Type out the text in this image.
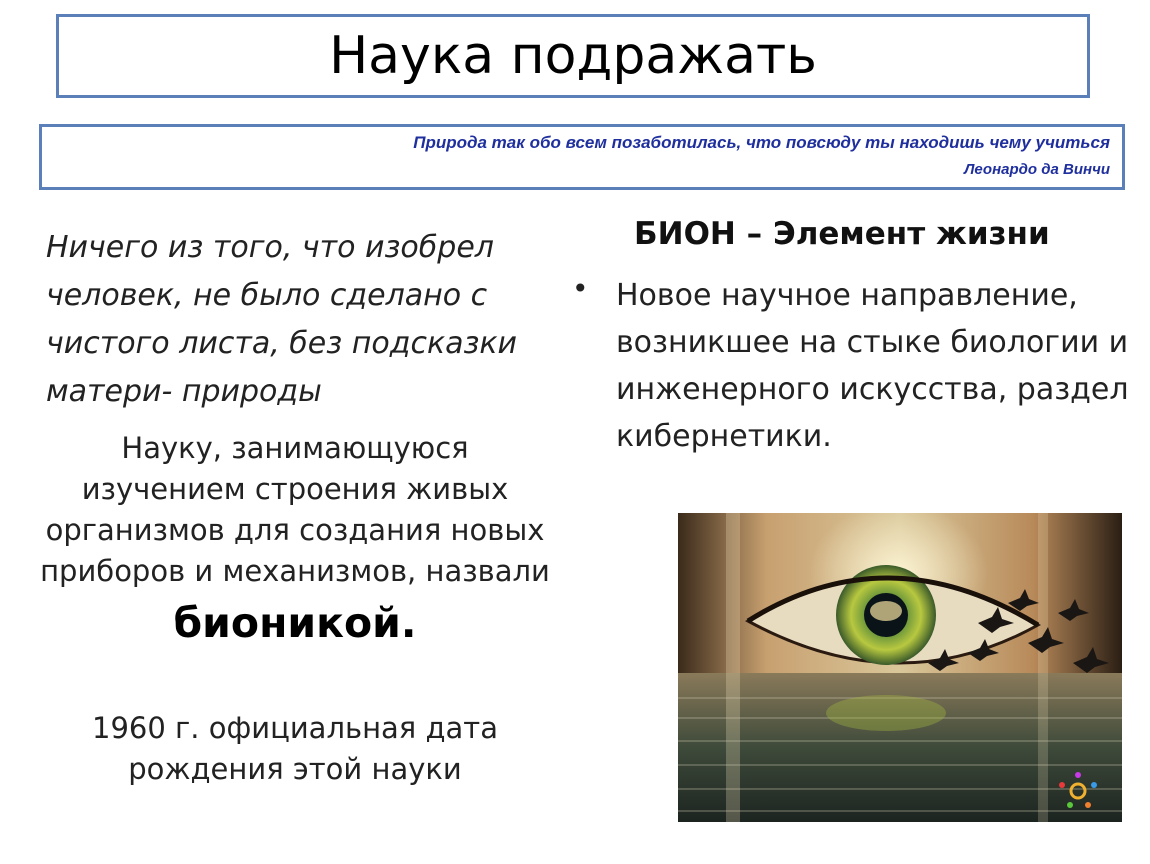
Наука подражать
Природа так обо всем позаботилась, что повсюду ты находишь чему учиться
Леонардо да Винчи
Ничего из того, что изобрел человек, не было сделано с чистого листа, без подсказки матери- природы
Науку, занимающуюся изучением строения живых организмов для создания новых приборов и механизмов, назвали
бионикой.
1960 г. официальная дата рождения этой науки
БИОН – Элемент жизни
• Новое научное направление, возникшее на стыке биологии и инженерного искусства, раздел кибернетики.
